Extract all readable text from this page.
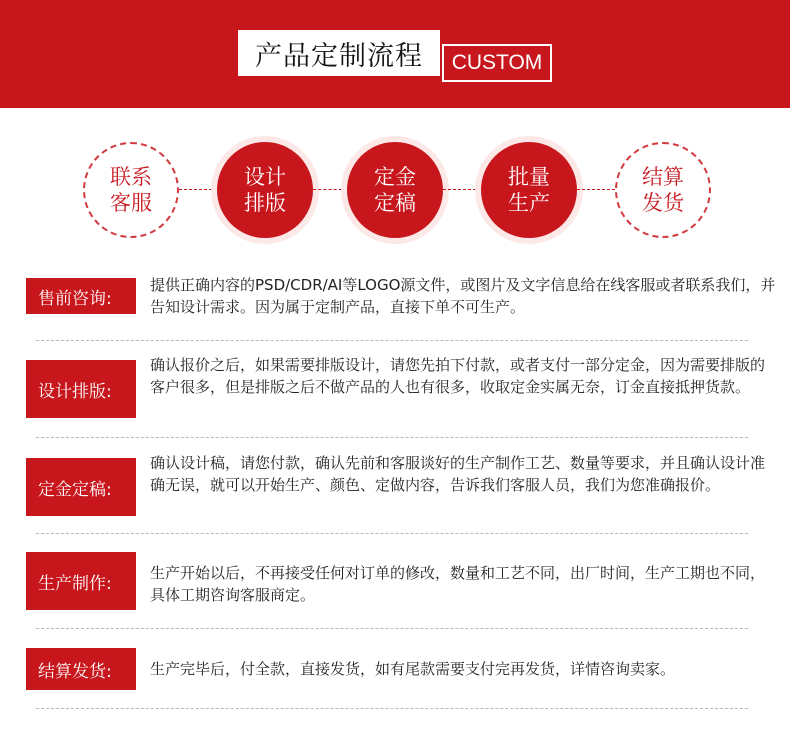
产品定制流程	CUSTOM
联系
客服
设计
排版
定金
定稿
批量
生产
结算
发货
售前咨询:
提供正确内容的PSD/CDR/AI等LOGO源文件，或图片及文字信息给在线客服或者联系我们，并告知设计需求。因为属于定制产品，直接下单不可生产。
设计排版:
确认报价之后，如果需要排版设计，请您先拍下付款，或者支付一部分定金，因为需要排版的客户很多，但是排版之后不做产品的人也有很多，收取定金实属无奈，订金直接抵押货款。
定金定稿:
确认设计稿，请您付款，确认先前和客服谈好的生产制作工艺、数量等要求，并且确认设计准确无误，就可以开始生产、颜色、定做内容，告诉我们客服人员，我们为您准确报价。
生产制作:
生产开始以后，不再接受任何对订单的修改，数量和工艺不同，出厂时间，生产工期也不同，具体工期咨询客服商定。
结算发货:	生产完毕后，付全款，直接发货，如有尾款需要支付完再发货，详情咨询卖家。
